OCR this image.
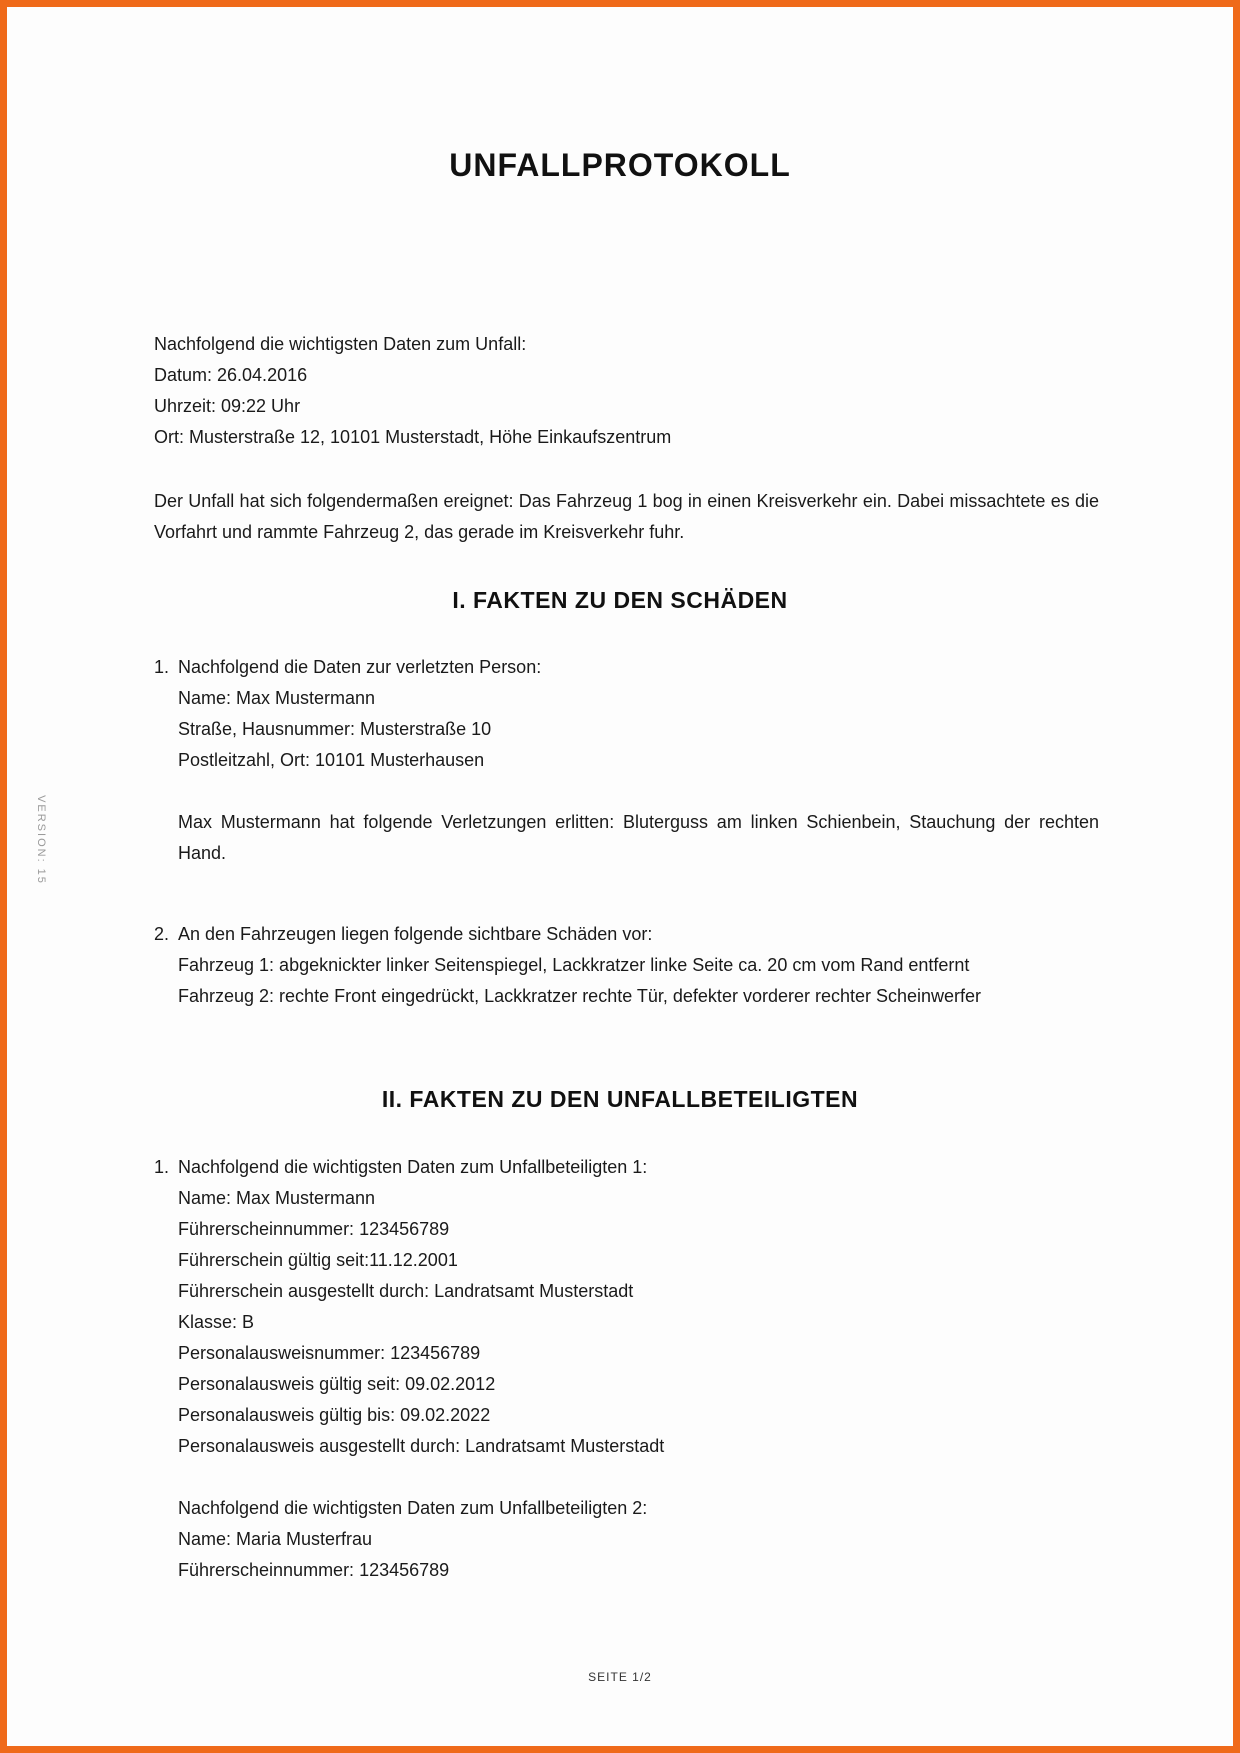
UNFALLPROTOKOLL
VERSION: 15
Nachfolgend die wichtigsten Daten zum Unfall:
Datum: 26.04.2016
Uhrzeit: 09:22 Uhr
Ort: Musterstraße 12, 10101 Musterstadt, Höhe Einkaufszentrum
Der Unfall hat sich folgendermaßen ereignet: Das Fahrzeug 1 bog in einen Kreisverkehr ein. Dabei missachtete es die Vorfahrt und rammte Fahrzeug 2, das gerade im Kreisverkehr fuhr.
I. FAKTEN ZU DEN SCHÄDEN
1. Nachfolgend die Daten zur verletzten Person:
Name: Max Mustermann
Straße, Hausnummer: Musterstraße 10
Postleitzahl, Ort: 10101 Musterhausen
Max Mustermann hat folgende Verletzungen erlitten: Bluterguss am linken Schienbein, Stauchung der rechten Hand.
2. An den Fahrzeugen liegen folgende sichtbare Schäden vor:
Fahrzeug 1: abgeknickter linker Seitenspiegel, Lackkratzer linke Seite ca. 20 cm vom Rand entfernt
Fahrzeug 2: rechte Front eingedrückt, Lackkratzer rechte Tür, defekter vorderer rechter Scheinwerfer
II. FAKTEN ZU DEN UNFALLBETEILIGTEN
1. Nachfolgend die wichtigsten Daten zum Unfallbeteiligten 1:
Name: Max Mustermann
Führerscheinnummer: 123456789
Führerschein gültig seit:11.12.2001
Führerschein ausgestellt durch: Landratsamt Musterstadt
Klasse: B
Personalausweisnummer: 123456789
Personalausweis gültig seit: 09.02.2012
Personalausweis gültig bis: 09.02.2022
Personalausweis ausgestellt durch: Landratsamt Musterstadt
Nachfolgend die wichtigsten Daten zum Unfallbeteiligten 2:
Name: Maria Musterfrau
Führerscheinnummer: 123456789
SEITE 1/2
